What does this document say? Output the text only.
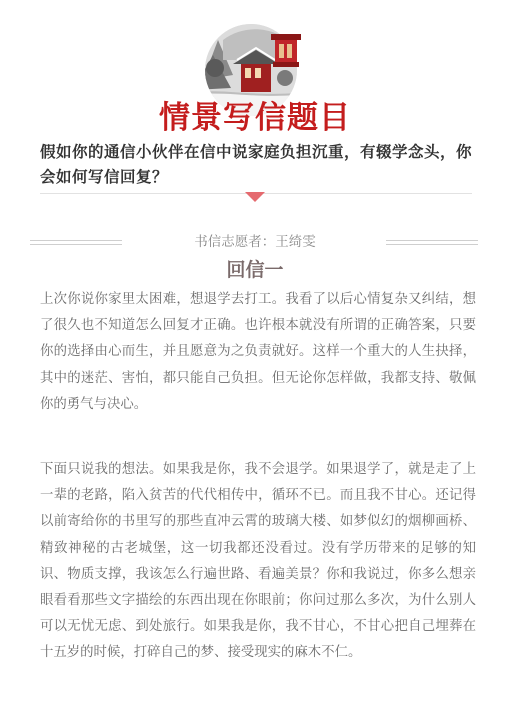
情景写信题目
假如你的通信小伙伴在信中说家庭负担沉重，有辍学念头，你会如何写信回复？
书信志愿者：王绮雯
回信一
上次你说你家里太困难，想退学去打工。我看了以后心情复杂又纠结，想了很久也不知道怎么回复才正确。也许根本就没有所谓的正确答案，只要你的选择由心而生，并且愿意为之负责就好。这样一个重大的人生抉择，其中的迷茫、害怕，都只能自己负担。但无论你怎样做，我都支持、敬佩你的勇气与决心。
下面只说我的想法。如果我是你，我不会退学。如果退学了，就是走了上一辈的老路，陷入贫苦的代代相传中，循环不已。而且我不甘心。还记得以前寄给你的书里写的那些直冲云霄的玻璃大楼、如梦似幻的烟柳画桥、精致神秘的古老城堡，这一切我都还没看过。没有学历带来的足够的知识、物质支撑，我该怎么行遍世路、看遍美景？你和我说过，你多么想亲眼看看那些文字描绘的东西出现在你眼前；你问过那么多次，为什么别人可以无忧无虑、到处旅行。如果我是你，我不甘心，不甘心把自己埋葬在十五岁的时候，打碎自己的梦、接受现实的麻木不仁。
